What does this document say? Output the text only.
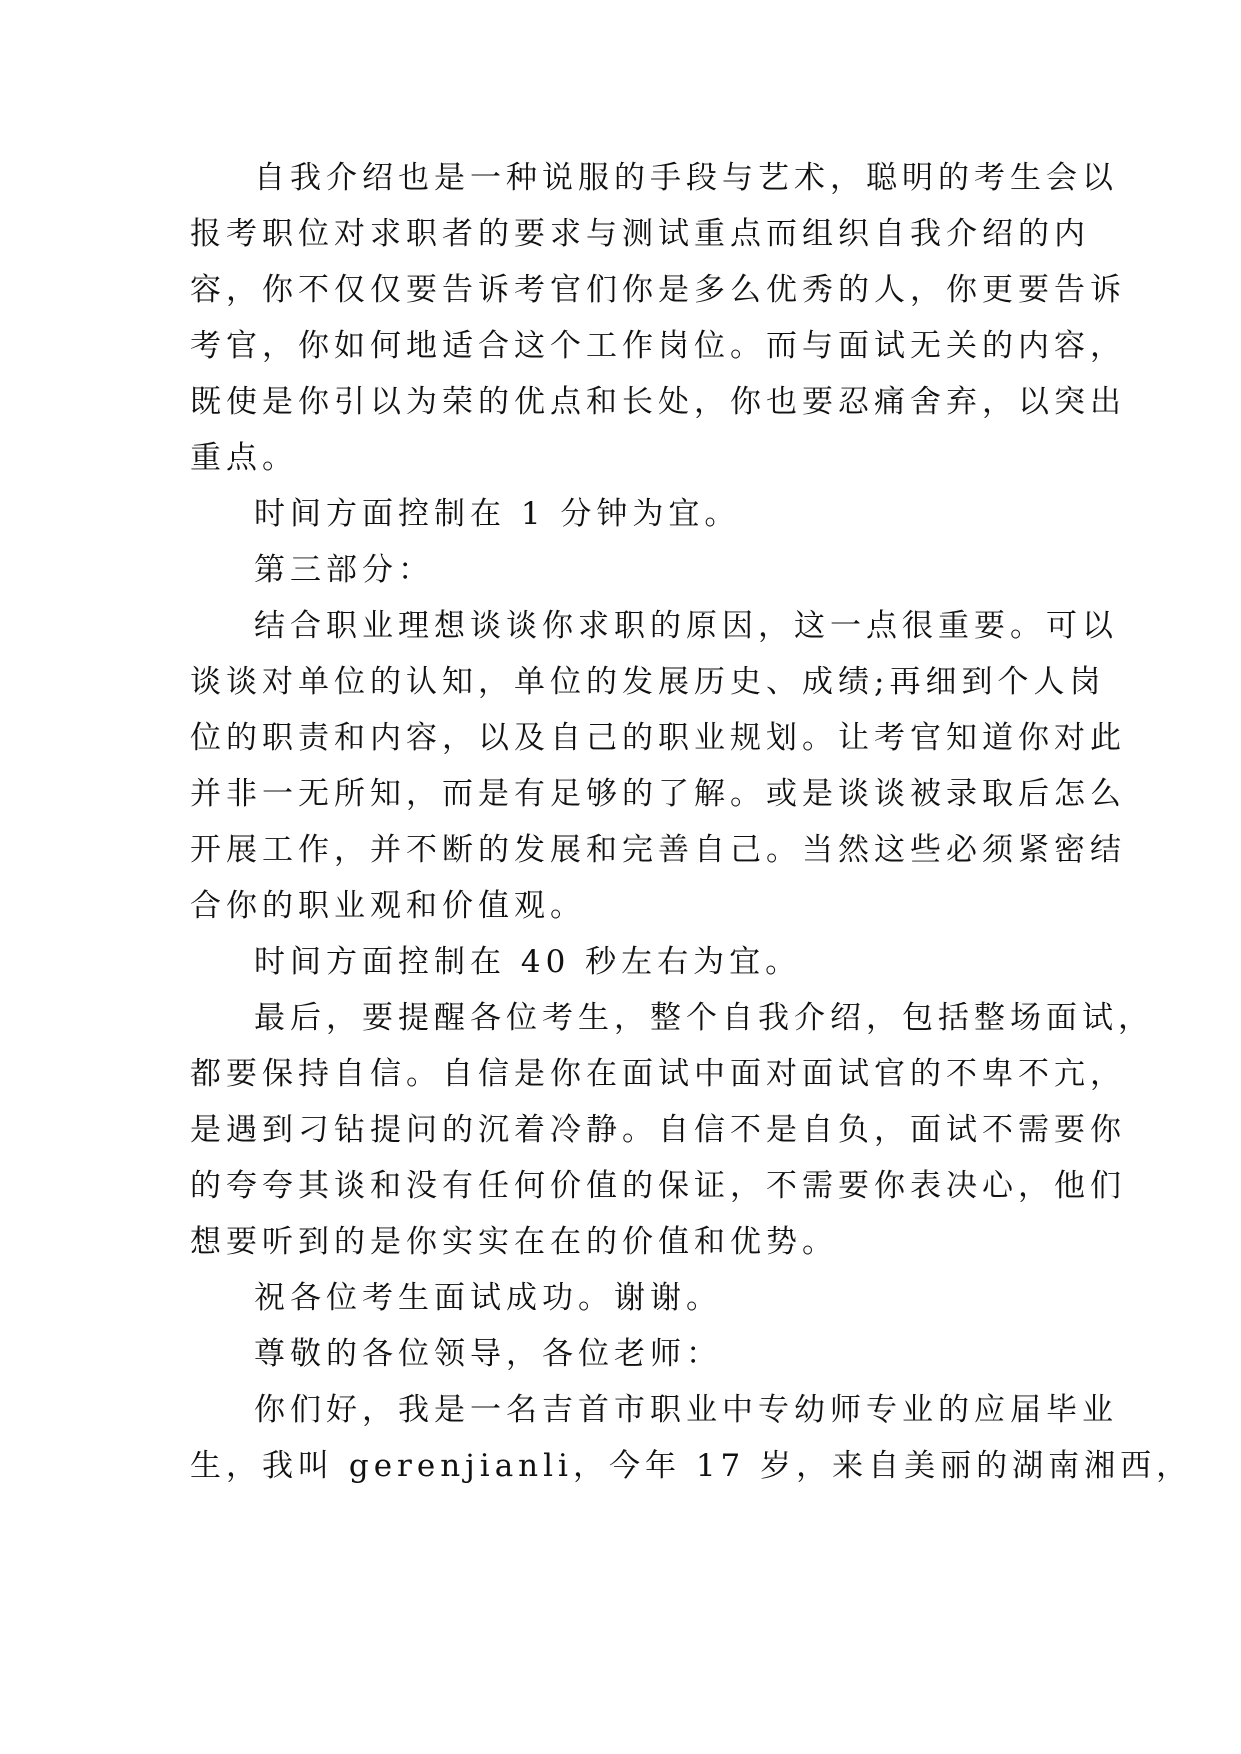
自我介绍也是一种说服的手段与艺术，聪明的考生会以
报考职位对求职者的要求与测试重点而组织自我介绍的内
容，你不仅仅要告诉考官们你是多么优秀的人，你更要告诉
考官，你如何地适合这个工作岗位。而与面试无关的内容，
既使是你引以为荣的优点和长处，你也要忍痛舍弃，以突出
重点。
时间方面控制在 1 分钟为宜。
第三部分：
结合职业理想谈谈你求职的原因，这一点很重要。可以
谈谈对单位的认知，单位的发展历史、成绩;再细到个人岗
位的职责和内容，以及自己的职业规划。让考官知道你对此
并非一无所知，而是有足够的了解。或是谈谈被录取后怎么
开展工作，并不断的发展和完善自己。当然这些必须紧密结
合你的职业观和价值观。
时间方面控制在 40 秒左右为宜。
最后，要提醒各位考生，整个自我介绍，包括整场面试，
都要保持自信。自信是你在面试中面对面试官的不卑不亢，
是遇到刁钻提问的沉着冷静。自信不是自负，面试不需要你
的夸夸其谈和没有任何价值的保证，不需要你表决心，他们
想要听到的是你实实在在的价值和优势。
祝各位考生面试成功。谢谢。
尊敬的各位领导，各位老师：
你们好，我是一名吉首市职业中专幼师专业的应届毕业
生，我叫 gerenjianli，今年 17 岁，来自美丽的湖南湘西，
